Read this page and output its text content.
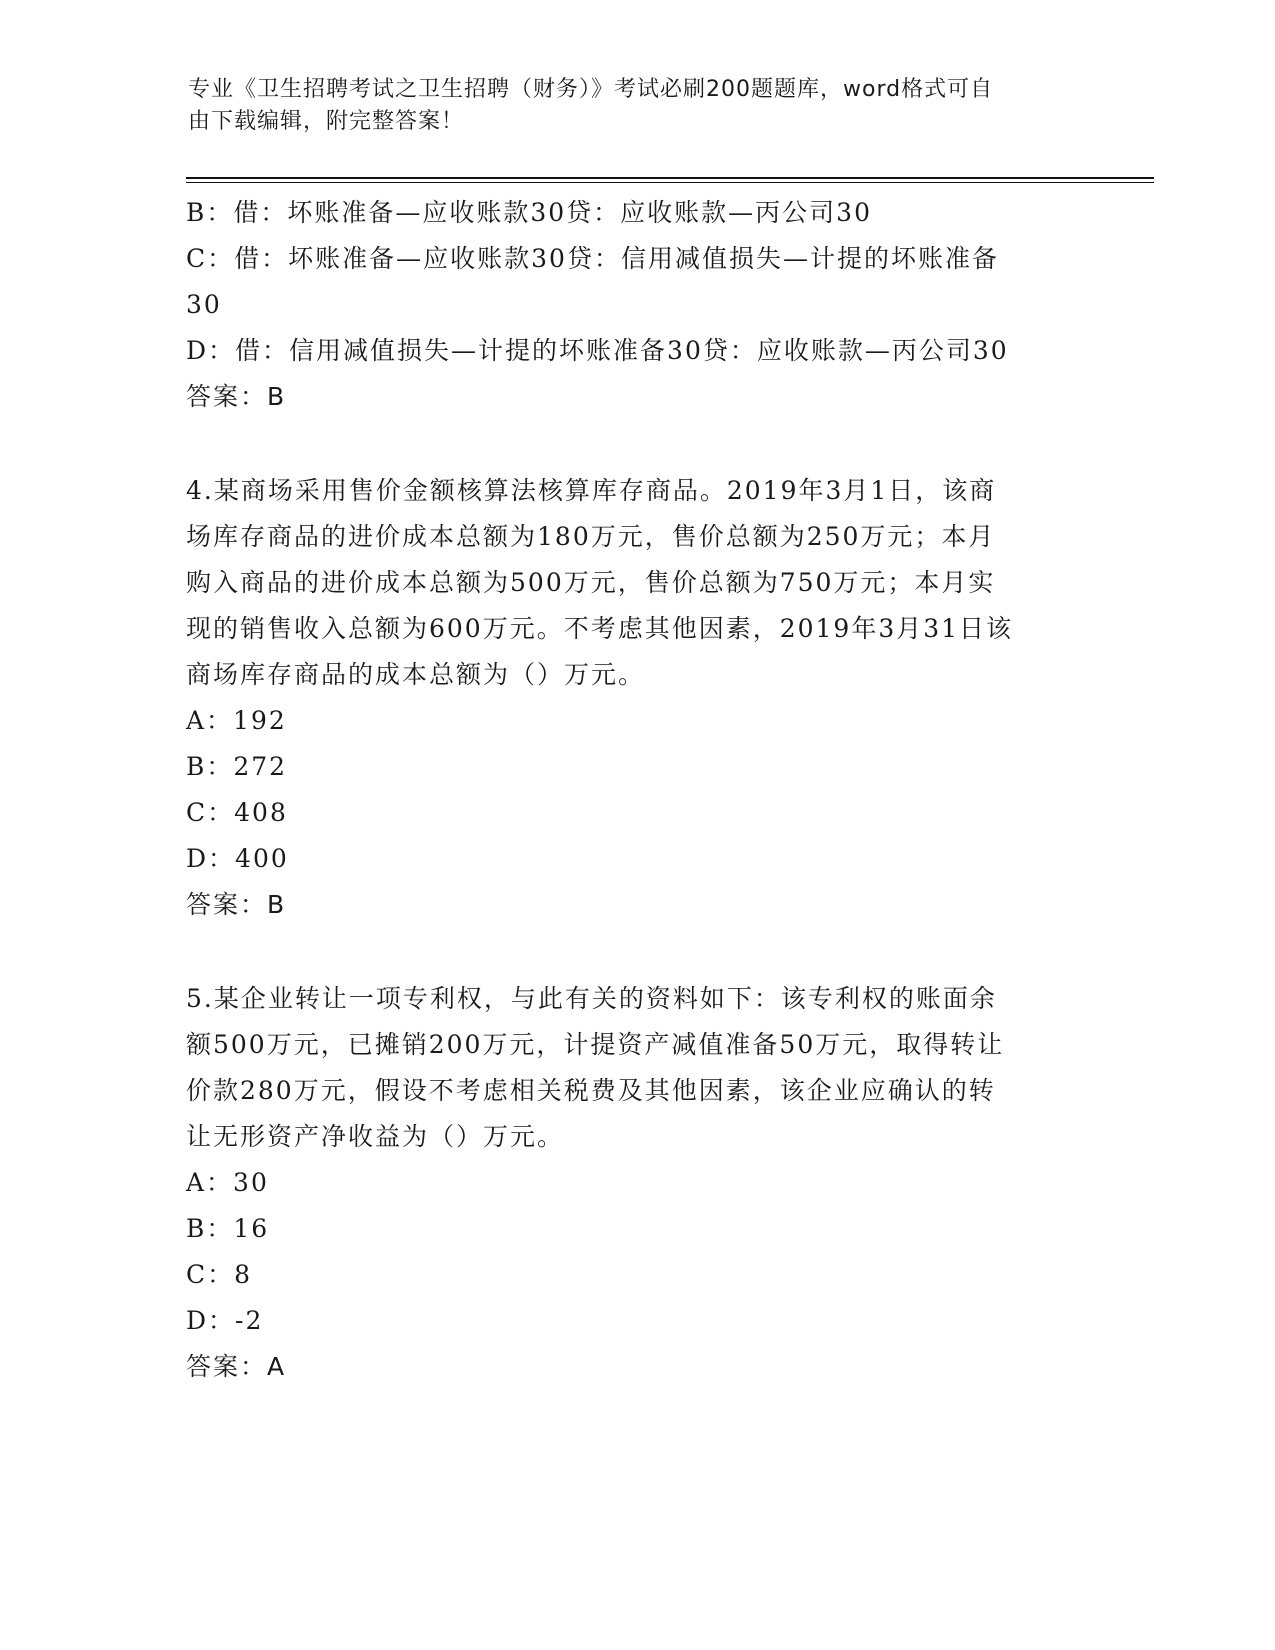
专业《卫生招聘考试之卫生招聘（财务）》考试必刷200题题库，word格式可自
由下载编辑，附完整答案！
B：借：坏账准备—应收账款30贷：应收账款—丙公司30
C：借：坏账准备—应收账款30贷：信用减值损失—计提的坏账准备
30
D：借：信用减值损失—计提的坏账准备30贷：应收账款—丙公司30
答案：B
4.某商场采用售价金额核算法核算库存商品。2019年3月1日，该商
场库存商品的进价成本总额为180万元，售价总额为250万元；本月
购入商品的进价成本总额为500万元，售价总额为750万元；本月实
现的销售收入总额为600万元。不考虑其他因素，2019年3月31日该
商场库存商品的成本总额为（）万元。
A：192
B：272
C：408
D：400
答案：B
5.某企业转让一项专利权，与此有关的资料如下：该专利权的账面余
额500万元，已摊销200万元，计提资产减值准备50万元，取得转让
价款280万元，假设不考虑相关税费及其他因素，该企业应确认的转
让无形资产净收益为（）万元。
A：30
B：16
C：8
D：-2
答案：A
